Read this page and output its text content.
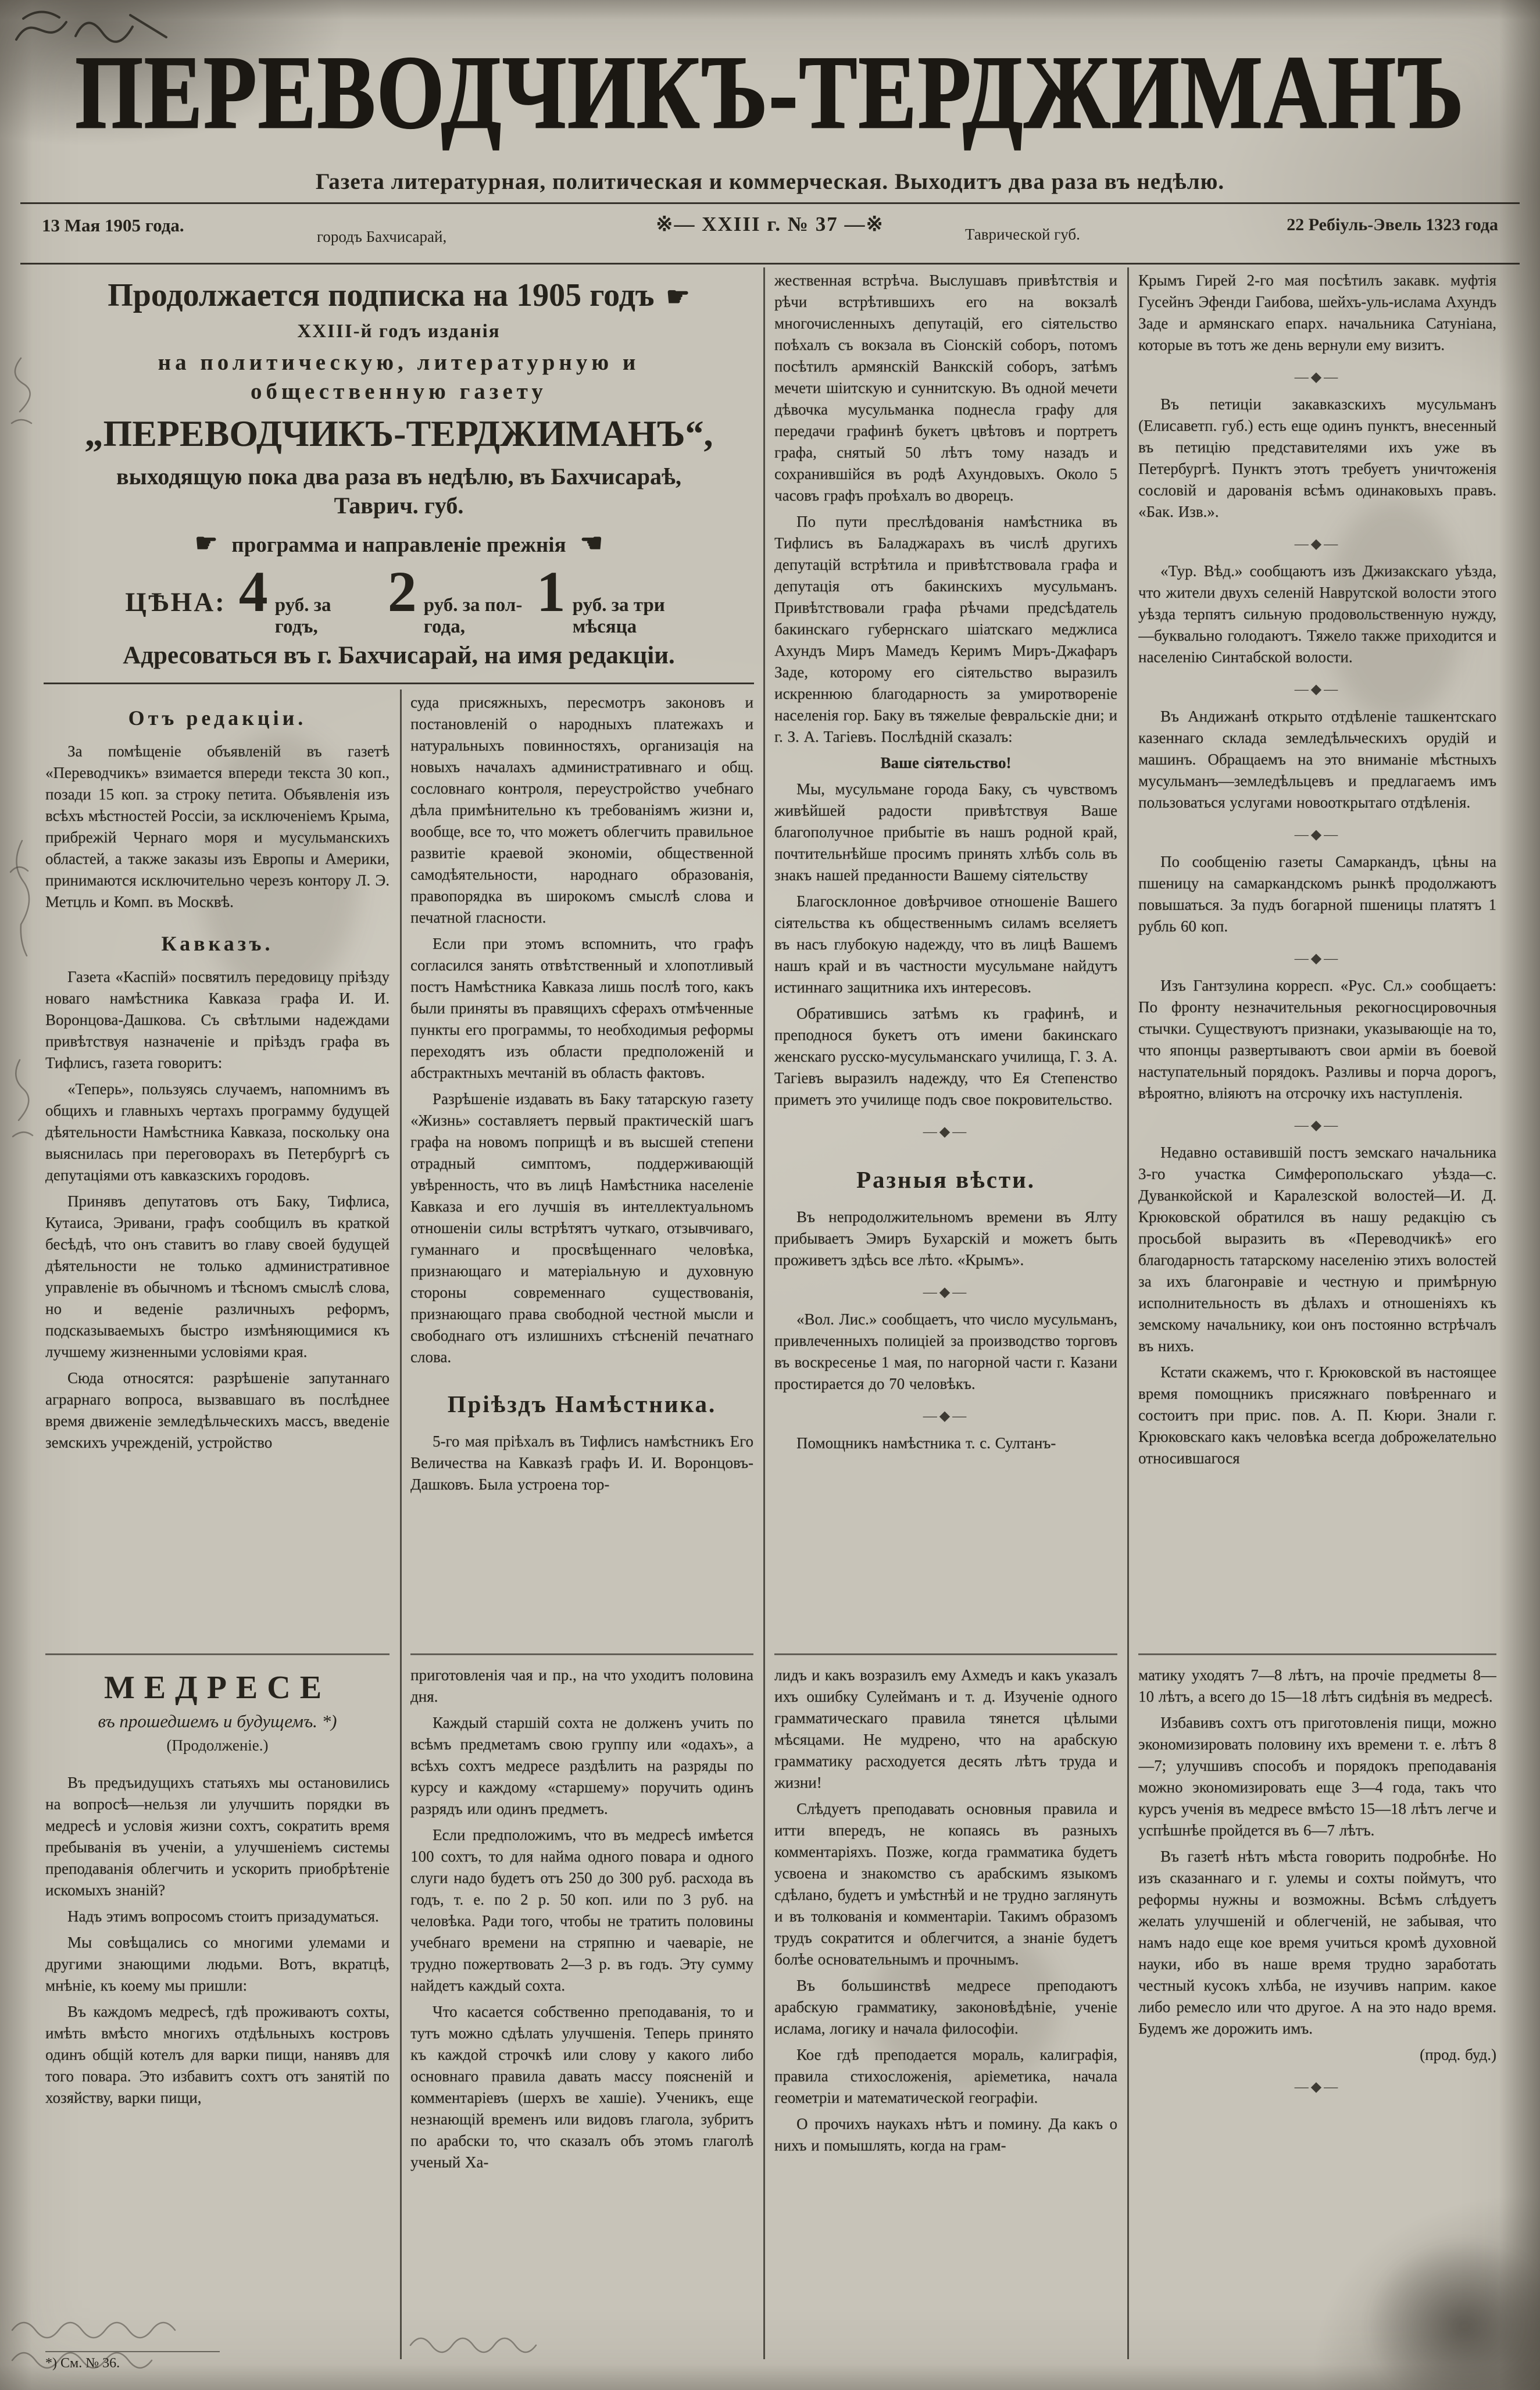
ПЕРЕВОДЧИКЪ-ТЕРДЖИМАНЪ
Газета литературная, политическая и коммерческая. Выходитъ два раза въ недѣлю.
13 Мая 1905 года.
городъ Бахчисарай,
※— XXIII г. № 37 —※	Таврической губ.	22 Ребіуль-Эвель 1323 года
Продолжается подписка на 1905 годъ ☛
XXIII-й годъ изданія
на политическую, литературную и общественную газету
„ПЕРЕВОДЧИКЪ-ТЕРДЖИМАНЪ“,
выходящую пока два раза въ недѣлю, въ Бахчисараѣ, Таврич. губ.
☛ программа и направленіе прежнія ☚
ЦѢНА: 4 руб. за годъ,
2 руб. за пол-года,
1 руб. за три мѣсяца
Адресоваться въ г. Бахчисарай, на имя редакціи.
Отъ редакціи.

За помѣщеніе объявленій въ газетѣ «Переводчикъ» взимается впереди текста 30 коп., позади 15 коп. за строку петита. Объявленія изъ всѣхъ мѣстностей Россіи, за исключеніемъ Крыма, прибрежій Чернаго моря и мусульманскихъ областей, а также заказы изъ Европы и Америки, принимаются исключительно черезъ контору Л. Э. Метцль и Комп. въ Москвѣ.

Кавказъ.

Газета «Каспій» посвятилъ передовицу пріѣзду новаго намѣстника Кавказа графа И. И. Воронцова-Дашкова. Съ свѣтлыми надеждами привѣтствуя назначеніе и пріѣздъ графа въ Тифлисъ, газета говоритъ:

«Теперь», пользуясь случаемъ, напомнимъ въ общихъ и главныхъ чертахъ программу будущей дѣятельности Намѣстника Кавказа, поскольку она выяснилась при переговорахъ въ Петербургѣ съ депутаціями отъ кавказскихъ городовъ.

Принявъ депутатовъ отъ Баку, Тифлиса, Кутаиса, Эривани, графъ сообщилъ въ краткой бесѣдѣ, что онъ ставитъ во главу своей будущей дѣятельности не только административное управленіе въ обычномъ и тѣсномъ смыслѣ слова, но и веденіе различныхъ реформъ, подсказываемыхъ быстро измѣняющимися къ лучшему жизненными условіями края.

Сюда относятся: разрѣшеніе запутаннаго аграрнаго вопроса, вызвавшаго въ послѣднее время движеніе земледѣльческихъ массъ, введеніе земскихъ учрежденій, устройство

суда присяжныхъ, пересмотръ законовъ и постановленій о народныхъ платежахъ и натуральныхъ повинностяхъ, организація на новыхъ началахъ административнаго и общ. сословнаго контроля, переустройство учебнаго дѣла примѣнительно къ требованіямъ жизни и, вообще, все то, что можетъ облегчить правильное развитіе краевой экономіи, общественной самодѣятельности, народнаго образованія, правопорядка въ широкомъ смыслѣ слова и печатной гласности.

Если при этомъ вспомнить, что графъ согласился занять отвѣтственный и хлопотливый постъ Намѣстника Кавказа лишь послѣ того, какъ были приняты въ правящихъ сферахъ отмѣченные пункты его программы, то необходимыя реформы переходятъ изъ области предположеній и абстрактныхъ мечтаній въ область фактовъ.

Разрѣшеніе издавать въ Баку татарскую газету «Жизнь» составляетъ первый практическій шагъ графа на новомъ поприщѣ и въ высшей степени отрадный симптомъ, поддерживающій увѣренность, что въ лицѣ Намѣстника населеніе Кавказа и его лучшія въ интеллектуальномъ отношеніи силы встрѣтятъ чуткаго, отзывчиваго, гуманнаго и просвѣщеннаго человѣка, признающаго и матеріальную и духовную стороны современнаго существованія, признающаго права свободной честной мысли и свободнаго отъ излишнихъ стѣсненій печатнаго слова.

Пріѣздъ Намѣстника.

5-го мая пріѣхалъ въ Тифлисъ намѣстникъ Его Величества на Кавказѣ графъ И. И. Воронцовъ-Дашковъ. Была устроена тор-

жественная встрѣча. Выслушавъ привѣтствія и рѣчи встрѣтившихъ его на вокзалѣ многочисленныхъ депутацій, его сіятельство поѣхалъ съ вокзала въ Сіонскій соборъ, потомъ посѣтилъ армянскій Ванкскій соборъ, затѣмъ мечети шіитскую и суннитскую. Въ одной мечети дѣвочка мусульманка поднесла графу для передачи графинѣ букетъ цвѣтовъ и портретъ графа, снятый 50 лѣтъ тому назадъ и сохранившійся въ родѣ Ахундовыхъ. Около 5 часовъ графъ проѣхалъ во дворецъ.

По пути преслѣдованія намѣстника въ Тифлисъ въ Баладжарахъ въ числѣ другихъ депутацій встрѣтила и привѣтствовала графа и депутація отъ бакинскихъ мусульманъ. Привѣтствовали графа рѣчами предсѣдатель бакинскаго губернскаго шіатскаго меджлиса Ахундъ Миръ Мамедъ Керимъ Миръ-Джафаръ Заде, которому его сіятельство выразилъ искреннюю благодарность за умиротвореніе населенія гор. Баку въ тяжелые февральскіе дни; и г. З. А. Тагіевъ. Послѣдній сказалъ:

Ваше сіятельство!

Мы, мусульмане города Баку, съ чувствомъ живѣйшей радости привѣтствуя Ваше благополучное прибытіе въ нашъ родной край, почтительнѣйше просимъ принять хлѣбъ соль въ знакъ нашей преданности Вашему сіятельству

Благосклонное довѣрчивое отношеніе Вашего сіятельства къ общественнымъ силамъ вселяетъ въ насъ глубокую надежду, что въ лицѣ Вашемъ нашъ край и въ частности мусульмане найдутъ истиннаго защитника ихъ интересовъ.

Обратившись затѣмъ къ графинѣ, и преподнося букетъ отъ имени бакинскаго женскаго русско-мусульманскаго училища, Г. З. А. Тагіевъ выразилъ надежду, что Ея Степенство приметъ это училище подъ свое покровительство.

—◆—
Разныя вѣсти.

Въ непродолжительномъ времени въ Ялту прибываетъ Эмиръ Бухарскій и можетъ быть проживетъ здѣсь все лѣто. «Крымъ».

—◆—

«Вол. Лис.» сообщаетъ, что число мусульманъ, привлеченныхъ полиціей за производство торговъ въ воскресенье 1 мая, по нагорной части г. Казани простирается до 70 человѣкъ.

—◆—

Помощникъ намѣстника т. с. Султанъ-

Крымъ Гирей 2-го мая посѣтилъ закавк. муфтія Гусейнъ Эфенди Гаибова, шейхъ-уль-ислама Ахундъ Заде и армянскаго епарх. начальника Сатуніана, которые въ тотъ же день вернули ему визитъ.

—◆—

Въ петиціи закавказскихъ мусульманъ (Елисаветп. губ.) есть еще одинъ пунктъ, внесенный въ петицію представителями ихъ уже въ Петербургѣ. Пунктъ этотъ требуетъ уничтоженія сословій и дарованія всѣмъ одинаковыхъ правъ. «Бак. Изв.».

—◆—

«Тур. Вѣд.» сообщаютъ изъ Джизакскаго уѣзда, что жители двухъ селеній Наврутской волости этого уѣзда терпятъ сильную продовольственную нужду,—буквально голодаютъ. Тяжело также приходится и населенію Синтабской волости.

—◆—

Въ Андижанѣ открыто отдѣленіе ташкентскаго казеннаго склада земледѣльческихъ орудій и машинъ. Обращаемъ на это вниманіе мѣстныхъ мусульманъ—земледѣльцевъ и предлагаемъ имъ пользоваться услугами новооткрытаго отдѣленія.

—◆—

По сообщенію газеты Самаркандъ, цѣны на пшеницу на самаркандскомъ рынкѣ продолжаютъ повышаться. За пудъ богарной пшеницы платятъ 1 рубль 60 коп.

—◆—

Изъ Гантзулина корресп. «Рус. Сл.» сообщаетъ: По фронту незначительныя рекогносцировочныя стычки. Существуютъ признаки, указывающіе на то, что японцы развертываютъ свои арміи въ боевой наступательный порядокъ. Разливы и порча дорогъ, вѣроятно, вліяютъ на отсрочку ихъ наступленія.

—◆—

Недавно оставившій постъ земскаго начальника 3-го участка Симферопольскаго уѣзда—с. Дуванкойской и Каралезской волостей—И. Д. Крюковской обратился въ нашу редакцію съ просьбой выразить въ «Переводчикѣ» его благодарность татарскому населенію этихъ волостей за ихъ благонравіе и честную и примѣрную исполнительность въ дѣлахъ и отношеніяхъ къ земскому начальнику, кои онъ постоянно встрѣчалъ въ нихъ.

Кстати скажемъ, что г. Крюковской въ настоящее время помощникъ присяжнаго повѣреннаго и состоитъ при прис. пов. А. П. Кюри. Знали г. Крюковскаго какъ человѣка всегда доброжелательно относившагося

МЕДРЕСЕ
въ прошедшемъ и будущемъ. *)
(Продолженіе.)

Въ предъидущихъ статьяхъ мы остановились на вопросѣ—нельзя ли улучшить порядки въ медресѣ и условія жизни сохтъ, сократить время пребыванія въ ученіи, а улучшеніемъ системы преподаванія облегчить и ускорить приобрѣтеніе искомыхъ знаній?

Надъ этимъ вопросомъ стоитъ призадуматься.

Мы совѣщались со многими улемами и другими знающими людьми. Вотъ, вкратцѣ, мнѣніе, къ коему мы пришли:

Въ каждомъ медресѣ, гдѣ проживаютъ сохты, имѣть вмѣсто многихъ отдѣльныхъ костровъ одинъ общій котелъ для варки пищи, нанявъ для того повара. Это избавитъ сохтъ отъ занятій по хозяйству, варки пищи,

*) См. № 36.

приготовленія чая и пр., на что уходитъ половина дня.

Каждый старшій сохта не долженъ учить по всѣмъ предметамъ свою группу или «одахъ», а всѣхъ сохтъ медресе раздѣлить на разряды по курсу и каждому «старшему» поручить одинъ разрядъ или одинъ предметъ.

Если предположимъ, что въ медресѣ имѣется 100 сохтъ, то для найма одного повара и одного слуги надо будетъ отъ 250 до 300 руб. расхода въ годъ, т. е. по 2 р. 50 коп. или по 3 руб. на человѣка. Ради того, чтобы не тратить половины учебнаго времени на стряпню и чаеваріе, не трудно пожертвовать 2—3 р. въ годъ. Эту сумму найдетъ каждый сохта.

Что касается собственно преподаванія, то и тутъ можно сдѣлать улучшенія. Теперь принято къ каждой строчкѣ или слову у какого либо основнаго правила давать массу поясненій и комментаріевъ (шерхъ ве хашіе). Ученикъ, еще незнающій временъ или видовъ глагола, зубритъ по арабски то, что сказалъ объ этомъ глаголѣ ученый Ха-

лидъ и какъ возразилъ ему Ахмедъ и какъ указалъ ихъ ошибку Сулейманъ и т. д. Изученіе одного грамматическаго правила тянется цѣлыми мѣсяцами. Не мудрено, что на арабскую грамматику расходуется десять лѣтъ труда и жизни!

Слѣдуетъ преподавать основныя правила и итти впередъ, не копаясь въ разныхъ комментаріяхъ. Позже, когда грамматика будетъ усвоена и знакомство съ арабскимъ языкомъ сдѣлано, будетъ и умѣстнѣй и не трудно заглянуть и въ толкованія и комментаріи. Такимъ образомъ трудъ сократится и облегчится, а знаніе будетъ болѣе основательнымъ и прочнымъ.

Въ большинствѣ медресе преподаютъ арабскую грамматику, законовѣдѣніе, ученіе ислама, логику и начала философіи.

Кое гдѣ преподается мораль, калиграфія, правила стихосложенія, аріеметика, начала геометріи и математической географіи.

О прочихъ наукахъ нѣтъ и помину. Да какъ о нихъ и помышлять, когда на грам-

матику уходятъ 7—8 лѣтъ, на прочіе предметы 8—10 лѣтъ, а всего до 15—18 лѣтъ сидѣнія въ медресѣ.

Избавивъ сохтъ отъ приготовленія пищи, можно экономизировать половину ихъ времени т. е. лѣтъ 8—7; улучшивъ способъ и порядокъ преподаванія можно экономизировать еще 3—4 года, такъ что курсъ ученія въ медресе вмѣсто 15—18 лѣтъ легче и успѣшнѣе пройдется въ 6—7 лѣтъ.

Въ газетѣ нѣтъ мѣста говорить подробнѣе. Но изъ сказаннаго и г. улемы и сохты поймутъ, что реформы нужны и возможны. Всѣмъ слѣдуетъ желать улучшеній и облегченій, не забывая, что намъ надо еще кое время учиться кромѣ духовной науки, ибо въ наше время трудно заработать честный кусокъ хлѣба, не изучивъ наприм. какое либо ремесло или что другое. А на это надо время. Будемъ же дорожить имъ.

(прод. буд.)

—◆—
